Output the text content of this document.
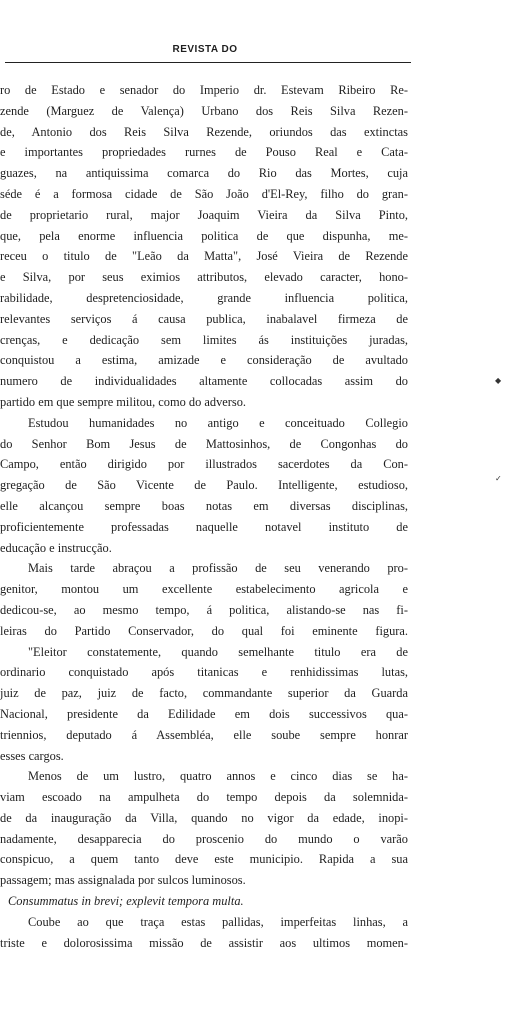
REVISTA DO
ro de Estado e senador do Imperio dr. Estevam Ribeiro Re-
zende (Marguez de Valença) Urbano dos Reis Silva Rezen-
de, Antonio dos Reis Silva Rezende, oriundos das extinctas
e importantes propriedades rurnes de Pouso Real e Cata-
guazes, na antiquissima comarca do Rio das Mortes, cuja
séde é a formosa cidade de São João d'El-Rey, filho do gran-
de proprietario rural, major Joaquim Vieira da Silva Pinto,
que, pela enorme influencia politica de que dispunha, me-
receu o titulo de "Leão da Matta", José Vieira de Rezende
e Silva, por seus eximios attributos, elevado caracter, hono-
rabilidade, despretenciosidade, grande influencia politica,
relevantes serviços á causa publica, inabalavel firmeza de
crenças, e dedicação sem limites ás instituições juradas,
conquistou a estima, amizade e consideração de avultado
numero de individualidades altamente collocadas assim do
partido em que sempre militou, como do adverso.
Estudou humanidades no antigo e conceituado Collegio
do Senhor Bom Jesus de Mattosinhos, de Congonhas do
Campo, então dirigido por illustrados sacerdotes da Con-
gregação de São Vicente de Paulo. Intelligente, estudioso,
elle alcançou sempre boas notas em diversas disciplinas,
proficientemente professadas naquelle notavel instituto de
educação e instrucção.
Mais tarde abraçou a profissão de seu venerando pro-
genitor, montou um excellente estabelecimento agricola e
dedicou-se, ao mesmo tempo, á politica, alistando-se nas fi-
leiras do Partido Conservador, do qual foi eminente figura.
"Eleitor constatemente, quando semelhante titulo era de
ordinario conquistado após titanicas e renhidissimas lutas,
juiz de paz, juiz de facto, commandante superior da Guarda
Nacional, presidente da Edilidade em dois successivos qua-
triennios, deputado á Assembléa, elle soube sempre honrar
esses cargos.
Menos de um lustro, quatro annos e cinco dias se ha-
viam escoado na ampulheta do tempo depois da solemnida-
de da inauguração da Villa, quando no vigor da edade, inopi-
nadamente, desapparecia do proscenio do mundo o varão
conspicuo, a quem tanto deve este municipio. Rapida a sua
passagem; mas assignalada por sulcos luminosos.
Consummatus in brevi; explevit tempora multa.
Coube ao que traça estas pallidas, imperfeitas linhas, a
triste e dolorosissima missão de assistir aos ultimos momen-
◆
✓
